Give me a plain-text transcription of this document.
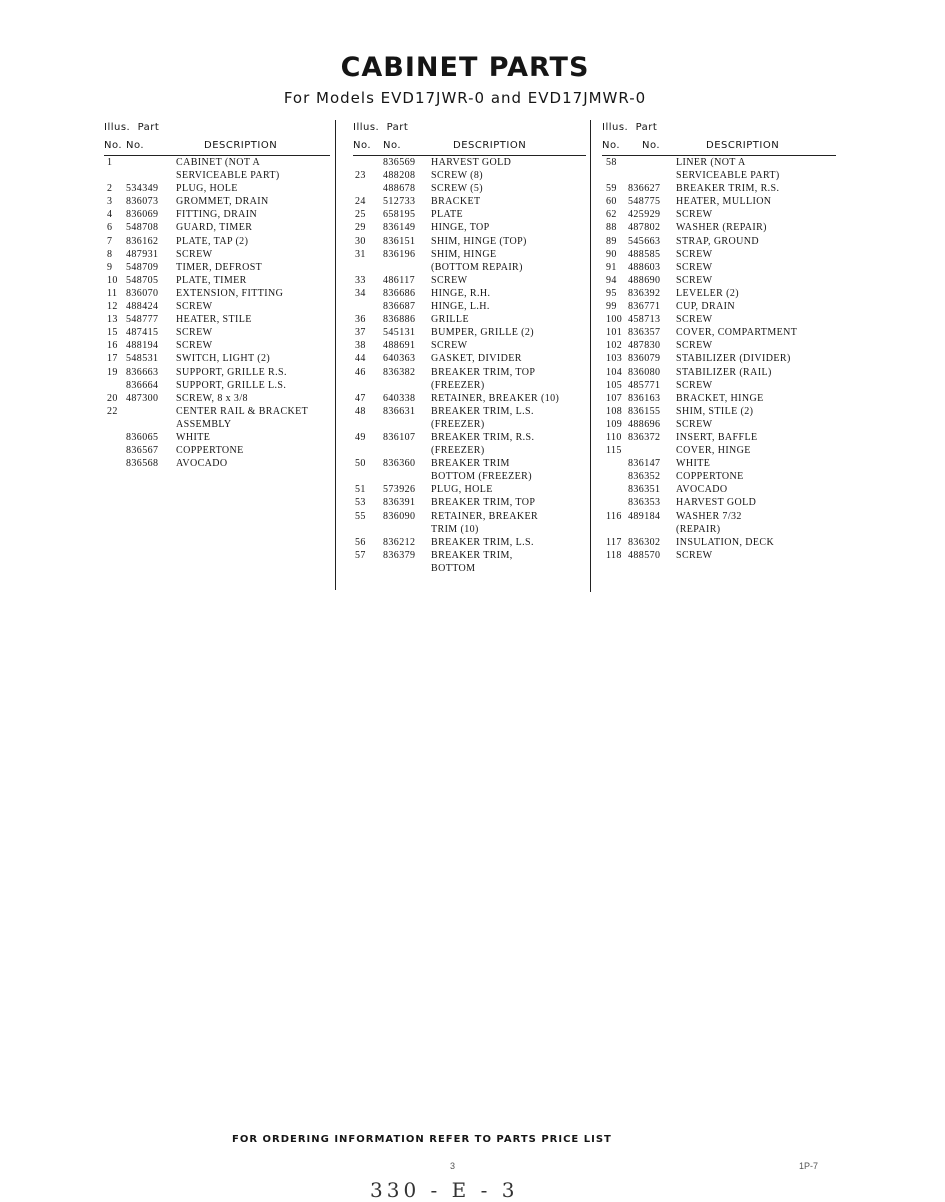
CABINET PARTS
For Models EVD17JWR-0 and EVD17JMWR-0
Illus. Part
No. No.	DESCRIPTION
1	CABINET (NOT A
SERVICEABLE PART)
2 534349 PLUG, HOLE
3 836073 GROMMET, DRAIN
4 836069 FITTING, DRAIN
6 548708 GUARD, TIMER
7 836162 PLATE, TAP (2)
8 487931 SCREW
9 548709 TIMER, DEFROST
10 548705 PLATE, TIMER
11 836070 EXTENSION, FITTING
12 488424 SCREW
13 548777 HEATER, STILE
15 487415 SCREW
16 488194 SCREW
17 548531 SWITCH, LIGHT (2)
19 836663 SUPPORT, GRILLE R.S.
836664 SUPPORT, GRILLE L.S.
20 487300 SCREW, 8 x 3/8
22	CENTER RAIL & BRACKET
ASSEMBLY
836065 WHITE
836567 COPPERTONE
836568 AVOCADO
Illus. Part
No. No.	DESCRIPTION
836569 HARVEST GOLD
23 488208 SCREW (8)
488678 SCREW (5)
24 512733 BRACKET
25 658195 PLATE
29 836149 HINGE, TOP
30 836151 SHIM, HINGE (TOP)
31 836196 SHIM, HINGE
(BOTTOM REPAIR)
33 486117 SCREW
34 836686 HINGE, R.H.
836687 HINGE, L.H.
36 836886 GRILLE
37 545131 BUMPER, GRILLE (2)
38 488691 SCREW
44 640363 GASKET, DIVIDER
46 836382 BREAKER TRIM, TOP
(FREEZER)
47 640338 RETAINER, BREAKER (10)
48 836631 BREAKER TRIM, L.S.
(FREEZER)
49 836107 BREAKER TRIM, R.S.
(FREEZER)
50 836360 BREAKER TRIM
BOTTOM (FREEZER)
51 573926 PLUG, HOLE
53 836391 BREAKER TRIM, TOP
55 836090 RETAINER, BREAKER
TRIM (10)
56 836212 BREAKER TRIM, L.S.
57 836379 BREAKER TRIM,
BOTTOM
Illus. Part
No. No.	DESCRIPTION
58	LINER (NOT A
SERVICEABLE PART)
59 836627 BREAKER TRIM, R.S.
60 548775 HEATER, MULLION
62 425929 SCREW
88 487802 WASHER (REPAIR)
89 545663 STRAP, GROUND
90 488585 SCREW
91 488603 SCREW
94 488690 SCREW
95 836392 LEVELER (2)
99 836771 CUP, DRAIN
100 458713 SCREW
101 836357 COVER, COMPARTMENT
102 487830 SCREW
103 836079 STABILIZER (DIVIDER)
104 836080 STABILIZER (RAIL)
105 485771 SCREW
107 836163 BRACKET, HINGE
108 836155 SHIM, STILE (2)
109 488696 SCREW
110 836372 INSERT, BAFFLE
115	COVER, HINGE
836147 WHITE
836352 COPPERTONE
836351 AVOCADO
836353 HARVEST GOLD
116 489184 WASHER 7/32
(REPAIR)
117 836302 INSULATION, DECK
118 488570 SCREW
FOR ORDERING INFORMATION REFER TO PARTS PRICE LIST
3	1P-7
330 - E - 3
